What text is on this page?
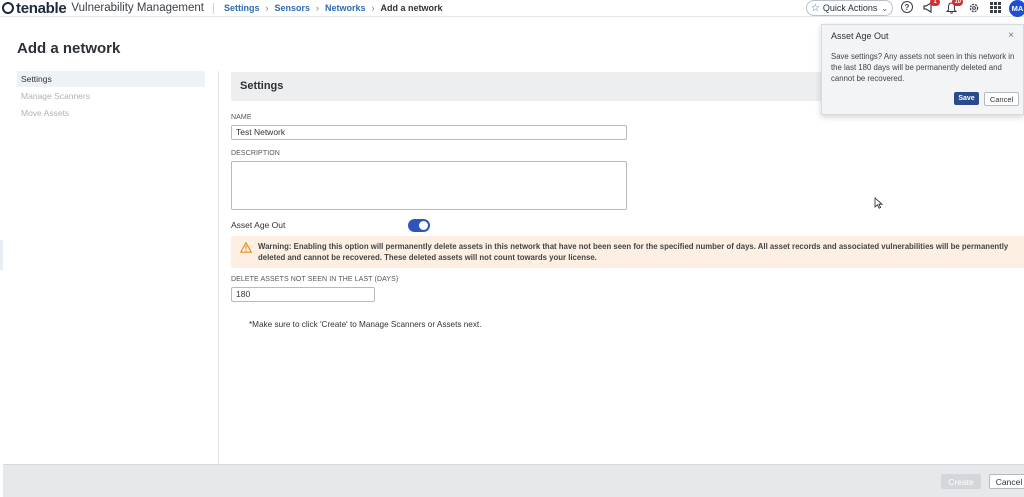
tenable Vulnerability Management Settings › Sensors › Networks › Add a network	☆ Quick Actions ⌄ ?
1	10
MA
Add a network
Settings
Manage Scanners
Move Assets
Settings
NAME
Test Network
DESCRIPTION
Asset Age Out
Warning: Enabling this option will permanently delete assets in this network that have not been seen for the specified number of days. All asset records and associated vulnerabilities will be permanently deleted and cannot be recovered. These deleted assets will not count towards your license.
DELETE ASSETS NOT SEEN IN THE LAST (DAYS)
180
*Make sure to click 'Create' to Manage Scanners or Assets next.
Create	Cancel
Asset Age Out	×
Save settings? Any assets not seen in this network in the last 180 days will be permanently deleted and cannot be recovered.
Save	Cancel
